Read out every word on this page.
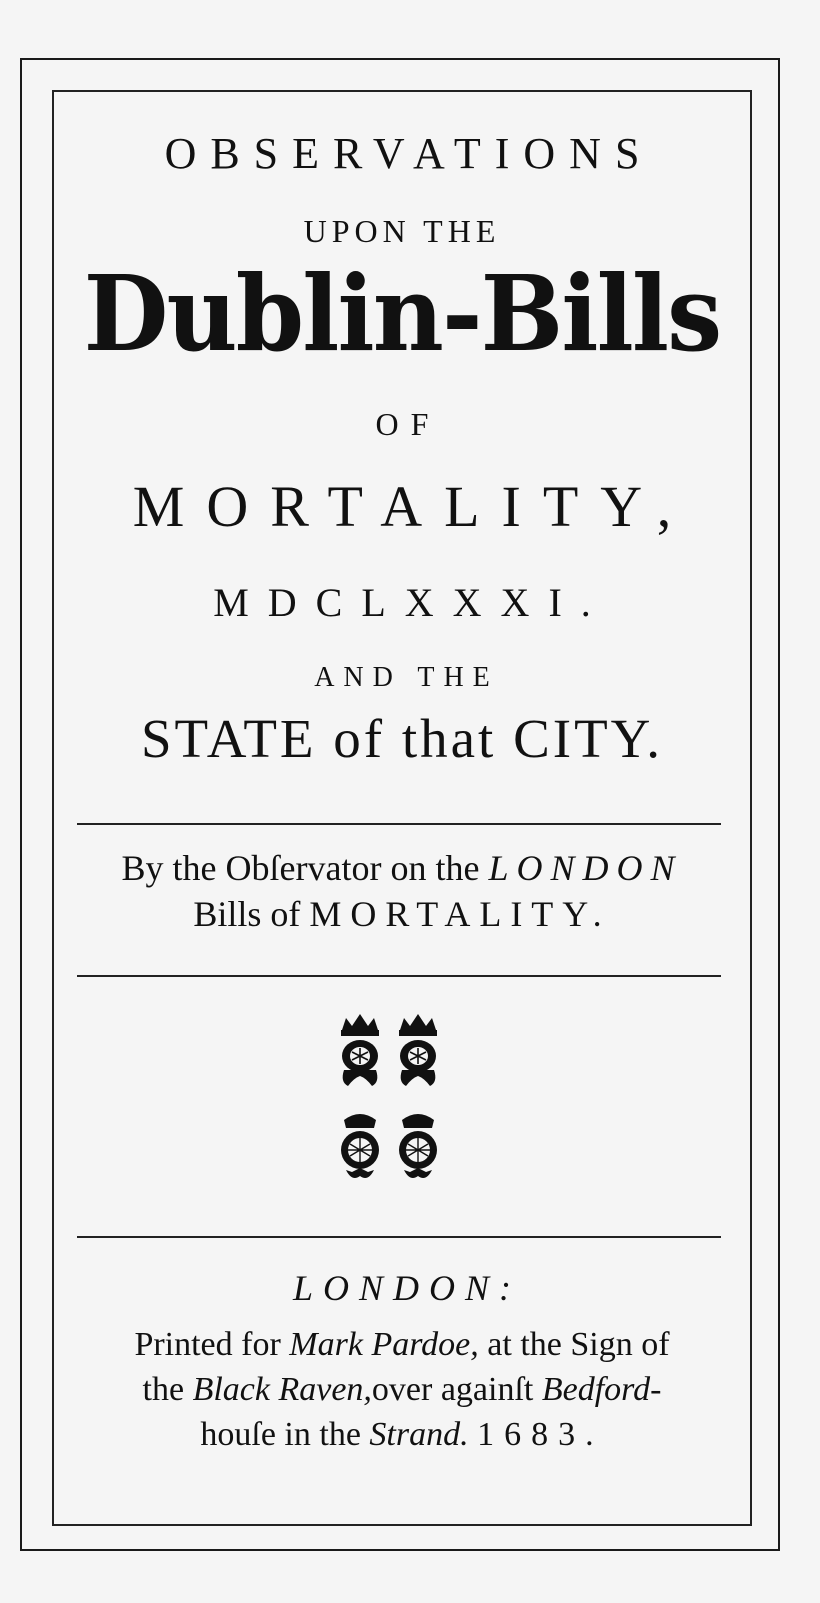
OBSERVATIONS
UPON THE
Dublin-Bills
OF
MORTALITY,
MDCLXXXI.
AND THE
STATE of that CITY.
By the Obſervator on the LONDON
Bills of MORTALITY.
LONDON:
Printed for Mark Pardoe, at the Sign of
the Black Raven,over againſt Bedford-
houſe in the Strand. 1683.
